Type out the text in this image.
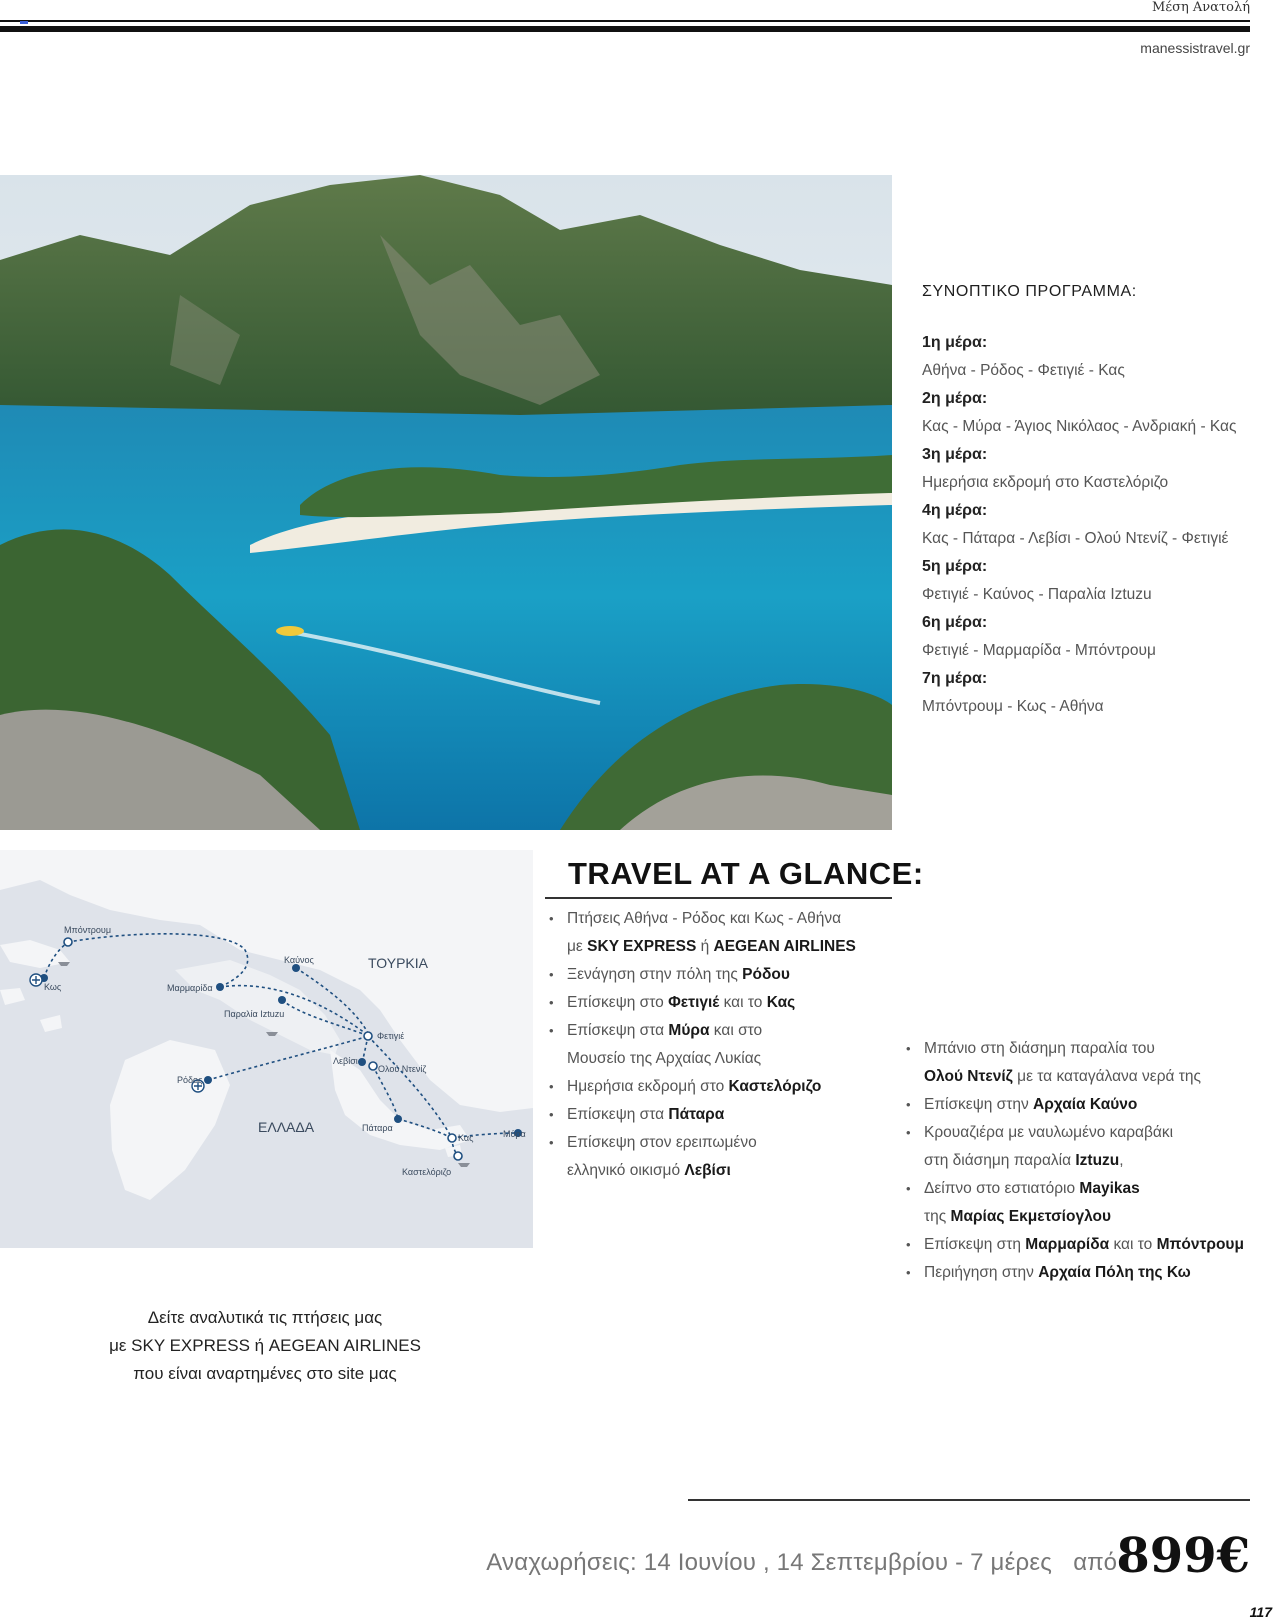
Μέση Ανατολή
manessistravel.gr
ΣΥΝΟΠΤΙΚΟ ΠΡΟΓΡΑΜΜΑ:
1η μέρα:
Αθήνα - Ρόδος - Φετιγιέ - Κας
2η μέρα:
Κας - Μύρα - Άγιος Νικόλαος - Ανδριακή - Κας
3η μέρα:
Ημερήσια εκδρομή στο Καστελόριζο
4η μέρα:
Κας - Πάταρα - Λεβίσι - Ολού Ντενίζ - Φετιγιέ
5η μέρα:
Φετιγιέ - Καύνος - Παραλία Iztuzu
6η μέρα:
Φετιγιέ - Μαρμαρίδα - Μπόντρουμ
7η μέρα:
Μπόντρουμ - Κως - Αθήνα
Μπόντρουμ
Κως	Μαρμαρίδα
Παραλία Iztuzu
Καύνος
Φετιγιέ
Λεβίσι
Ολού Ντενίζ
Ρόδος
Πάταρα
Κας	Μύρα
Καστελόριζο
ΤΟΥΡΚΙΑ
ΕΛΛΑΔΑ
TRAVEL AT A GLANCE:
• Πτήσεις Αθήνα - Ρόδος και Κως - Αθήνα
με SKY EXPRESS ή AEGEAN AIRLINES
• Ξενάγηση στην πόλη της Ρόδου
• Επίσκεψη στο Φετιγιέ και το Κας
• Επίσκεψη στα Μύρα και στο
Μουσείο της Αρχαίας Λυκίας
• Ημερήσια εκδρομή στο Καστελόριζο
• Επίσκεψη στα Πάταρα
• Επίσκεψη στον ερειπωμένο
ελληνικό οικισμό Λεβίσι
• Μπάνιο στη διάσημη παραλία του
Ολού Ντενίζ με τα καταγάλανα νερά της
• Επίσκεψη στην Αρχαία Καύνο
• Κρουαζιέρα με ναυλωμένο καραβάκι
στη διάσημη παραλία Iztuzu,
• Δείπνο στο εστιατόριο Mayikas
της Μαρίας Εκμετσίογλου
• Επίσκεψη στη Μαρμαρίδα και το Μπόντρουμ
• Περιήγηση στην Αρχαία Πόλη της Κω
Δείτε αναλυτικά τις πτήσεις μας
με SKY EXPRESS ή AEGEAN AIRLINES
που είναι αναρτημένες στο site μας
Αναχωρήσεις: 14 Ιουνίου , 14 Σεπτεμβρίου - 7 μέρες από 899€
117
